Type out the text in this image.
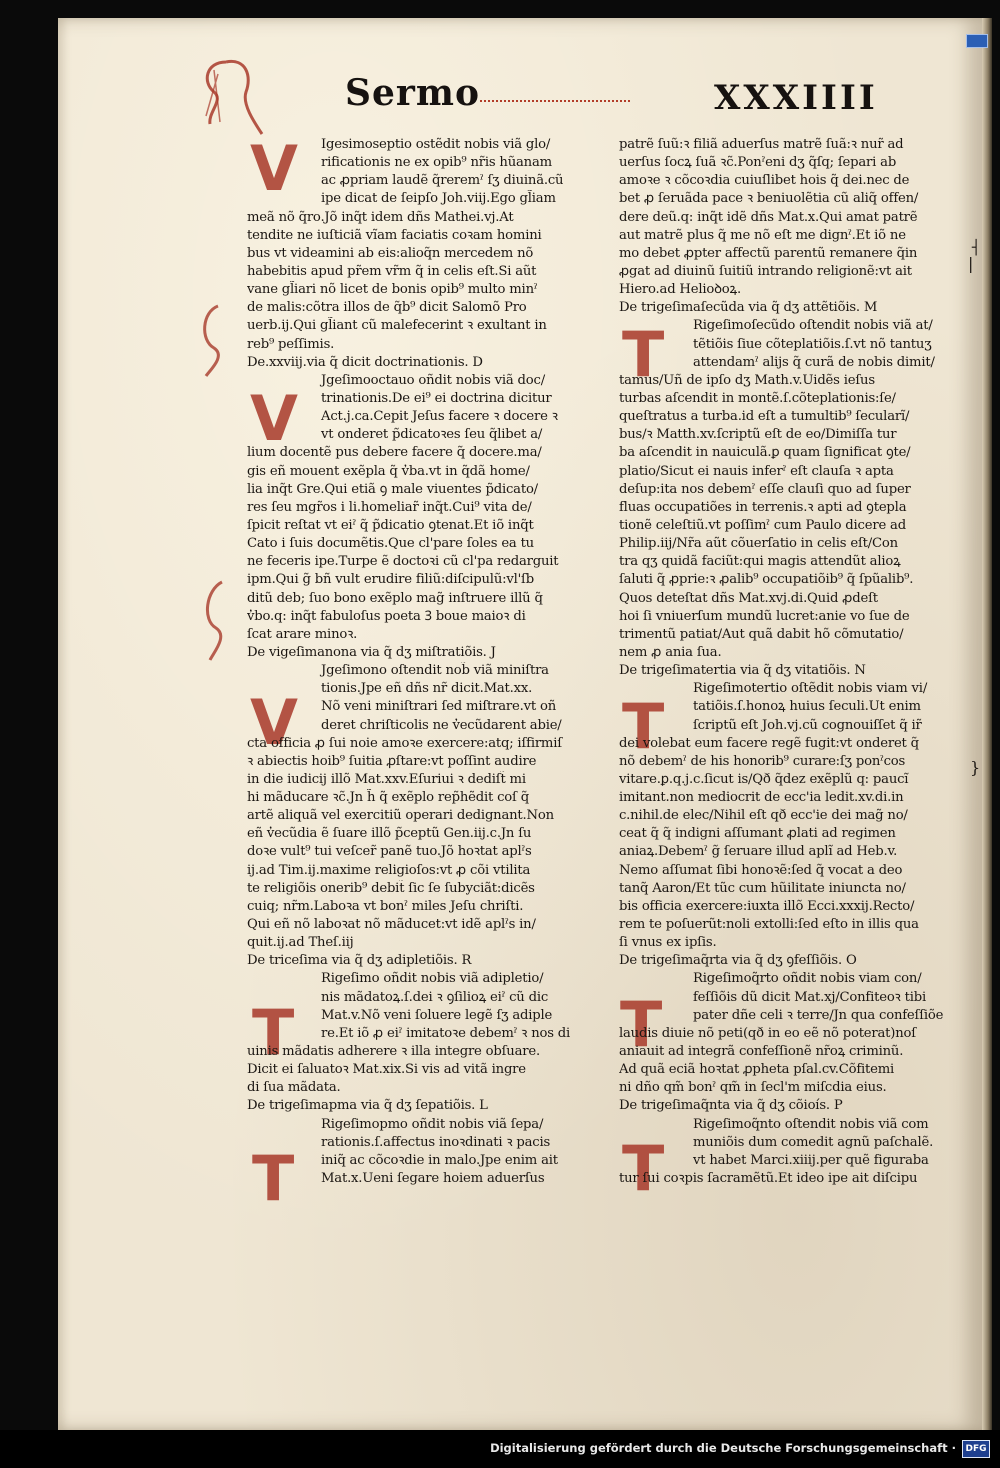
Sermo	XXXIIII
V
V
V
T
T
T
T
T
T
┤
|
}
Igesimoseptio ostẽdit nobis viã glo/
rificationis ne ex opib⁹ nr̃is hũanam
ac ꝓpriam laudẽ q̃reremˀ ſʒ diuinã.cũ
ipe dicat de ſeipſo Joh.viij.Ego gl̃iam
meã nõ q̃ro.Jõ inq̃t idem dñs Mathei.vj.At
tendite ne iuſticiã vĩam faciatis coꝛam homini
bus vt videamini ab eis:alioq̃n mercedem nõ
habebitis apud pr̃em vr̃m q̃ in celis eſt.Si aũt
vane gl̃iari nõ licet de bonis opib⁹ multo minˀ
de malis:cõtra illos de q̃b⁹ dicit Salomõ Pro
uerb.ij.Qui gl̃iant cũ malefecerint ꝛ exultant in
reb⁹ peſſimis.
De.xxviij.via q̃ dicit doctrinationis. D
Jgeſimooctauo oñdit nobis viã doc/
trinationis.De ei⁹ ei doctrina dicitur
Act.j.ca.Cepit Jeſus facere ꝛ docere ꝛ
vt onderet p̃dicatoꝛes ſeu q̃libet a/
lium docentẽ pus debere facere q̃ docere.ma/
gis eñ mouent exẽpla q̃ v̓ba.vt in q̃dã home/
lia inq̃t Gre.Qui etiã ꝯ male viuentes p̃dicato/
res ſeu mgr̃os i li.homeliar̃ inq̃t.Cui⁹ vita de/
ſpicit reſtat vt eiˀ q̃ p̃dicatio ꝯtenat.Et iõ inq̃t
Cato i ſuis documẽtis.Que cl'pare ſoles ea tu
ne feceris ipe.Turpe ẽ doctoꝛi cũ cl'pa redarguit
ipm.Qui g̃ bñ vult erudire filiũ:diſcipulũ:vl'ſb
ditũ deb; ſuo bono exẽplo mag̃ inſtruere illũ q̃
v̓bo.q: inq̃t fabuloſus poeta Ꝫ boue maioꝛ di
ſcat arare minoꝛ.
De vigeſimanona via q̃ dʒ miſtratiõis. J
Jgeſimono oſtendit nob̃ viã miniſtra
tionis.Jpe eñ dñs nr̃ dicit.Mat.xx.
Nõ veni miniſtrari ſed miſtrare.vt oñ
deret chriſticolis ne v̓ecũdarent abie/
cta officia ꝓ ſui noie amoꝛe exercere:atq; iſfirmiſ
ꝛ abiectis hoib⁹ ſuitia ꝓſtare:vt poſſint audire
in die iudicij illõ Mat.xxv.Eſuriui ꝛ dediſt̃ mi
hi mãducare ꝛc̃.Jn h̃ q̃ exẽplo rep̃hẽdit coſ q̃
artẽ aliquã vel exercitiũ operari dedignant.Non
eñ v̓ecũdia ẽ ſuare illõ p̃ceptũ Gen.iij.c.Jn ſu
doꝛe vult⁹ tui veſcer̃ panẽ tuo.Jõ hoꝛtat aplˀs
ij.ad Tim.ij.maxime religioſos:vt ꝓ cõi vtilita
te religiõis onerib⁹ debit̃ ſic ſe ſubyciãt:dicẽs
cuiq; nr̃m.Laboꝛa vt bonˀ miles Jeſu chriſti.
Qui eñ nõ laboꝛat nõ mãducet:vt idẽ aplˀs in/
quit.ij.ad Theſ.iij
De triceſima via q̃ dʒ adipletiõis. R
Rigeſimo oñdit nobis viã adipletio/
nis mãdatoꝝ.ſ.dei ꝛ ꝯſilioꝝ eiˀ cũ dic
Mat.v.Nõ veni ſoluere legẽ ſʒ adiple
re.Et iõ ꝓ eiˀ imitatoꝛe debemˀ ꝛ nos di
uinis mãdatis adherere ꝛ illa integre obſuare.
Dicit ei ſaluatoꝛ Mat.xix.Si vis ad vitã ingre
di ſua mãdata.
De trigeſimapma via q̃ dʒ ſepatiõis. L
Rigeſimopmo oñdit nobis viã ſepa/
rationis.ſ.affectus inoꝛdinati ꝛ pacis
iniq̃ ac cõcoꝛdie in malo.Jpe enim ait
Mat.x.Ueni ſegare hoiem aduerſus
patrẽ ſuũ:ꝛ filiã aduerſus matrẽ ſuã:ꝛ nur̃ ad
uerſus ſocꝝ ſuã ꝛc̃.Ponˀeni dʒ q̃ſq; ſepari ab
amoꝛe ꝛ cõcoꝛdia cuiuſlibet hois q̃ dei.nec de
bet ꝓ ſeruãda pace ꝛ beniuolẽtia cũ aliq̃ offen/
dere deũ.q: inq̃t idẽ dñs Mat.x.Qui amat patrẽ
aut matrẽ plus q̃ me nõ eſt me dignˀ.Et iõ ne
mo debet ꝓpter affectũ parentũ remanere q̃in
ꝓgat ad diuinũ ſuitiũ intrando religionẽ:vt ait
Hiero.ad Helioꝺoꝝ.
De trigeſimaſecũda via q̃ dʒ attẽtiõis. M
Rigeſimoſecũdo oſtendit nobis viã at/
tẽtiõis ſiue cõteplatiõis.ſ.vt nõ tantuʒ
attendamˀ alijs q̃ curã de nobis dimit/
tamus/Uñ de ipſo dʒ Math.v.Uidẽs ieſus
turbas aſcendit in montẽ.ſ.cõteplationis:ſe/
queſtratus a turba.id eſt a tumultib⁹ ſecularĩ/
bus/ꝛ Matth.xv.ſcriptũ eſt de eo/Dimiſſa tur
ba aſcendit in nauiculã.ꝑ quam ſignificat ꝯte/
platio/Sicut ei nauis inferˀ eſt clauſa ꝛ apta
deſup:ita nos debemˀ eſſe clauſi quo ad ſuper
fluas occupatiões in terrenis.ꝛ apti ad ꝯtepla
tionẽ celeſtiũ.vt poſſimˀ cum Paulo dicere ad
Philip.iij/Nr̃a aũt cõuerſatio in celis eſt/Con
tra qʒ quidã faciũt:qui magis attendũt alioꝝ
ſaluti q̃ ꝓprie:ꝛ ꝓalib⁹ occupatiõib⁹ q̃ ſpũalib⁹.
Quos deteſtat dñs Mat.xvj.di.Quid ꝓdeſt
hoi ſi vniuerſum mundũ lucret:anie vo ſue de
trimentũ patiat/Aut quã dabit hõ cõmutatio/
nem ꝓ ania ſua.
De trigeſimatertia via q̃ dʒ vitatiõis. N
Rigeſimotertio oſtẽdit nobis viam vi/
tatiõis.ſ.honoꝝ huius ſeculi.Ut enim
ſcriptũ eſt Joh.vj.cũ cognouiſſet q̃ ir̃
dei volebat eum facere regẽ fugit:vt onderet q̃
nõ debemˀ de his honorib⁹ curare:ſʒ ponˀcos
vitare.ꝑ.q.j.c.ſicut is/Qð q̃dez exẽplũ q: paucĩ
imitant.non mediocrit de ecc'ia ledit.xv.di.in
c.nihil.de elec/Nihil eſt qð ecc'ie dei mag̃ no/
ceat q̃ q̃ indigni aſſumant ꝓlati ad regimen
aniaꝝ.Debemˀ g̃ ſeruare illud aplĩ ad Heb.v.
Nemo aſſumat ſibi honoꝛẽ:ſed q̃ vocat a deo
tanq̃ Aaron/Et tũc cum hũilitate iniuncta no/
bis officia exercere:iuxta illõ Ecci.xxxij.Recto/
rem te poſuerũt:noli extolli:ſed eſto in illis qua
ſi vnus ex ipſis.
De trigeſimaq̃rta via q̃ dʒ ꝯfeſſiõis. O
Rigeſimoq̃rto oñdit nobis viam con/
feſſiõis dũ dicit Mat.xj/Confiteoꝛ tibi
pater dñe celi ꝛ terre/Jn qua confeſſiõe
laudis diuie nõ peti(qð in eo eẽ nõ poterat)noſ
aniauit ad integrã confeſſionẽ nr̃oꝝ criminũ.
Ad quã eciã hoꝛtat ꝓpheta pſal.cv.Cõfitemi
ni dño qm̃ bonˀ qm̃ in ſecl'm miſcdia eius.
De trigeſimaq̃nta via q̃ dʒ cõioís. P
Rigeſimoq̃nto oſtendit nobis viã com
muniõis dum comedit agnũ paſchalẽ.
vt habet Marci.xiiij.per quẽ figuraba
tur ſui coꝛpis ſacramẽtũ.Et ideo ipe ait diſcipu
Digitalisierung gefördert durch die Deutsche Forschungsgemeinschaft ·	DFG
